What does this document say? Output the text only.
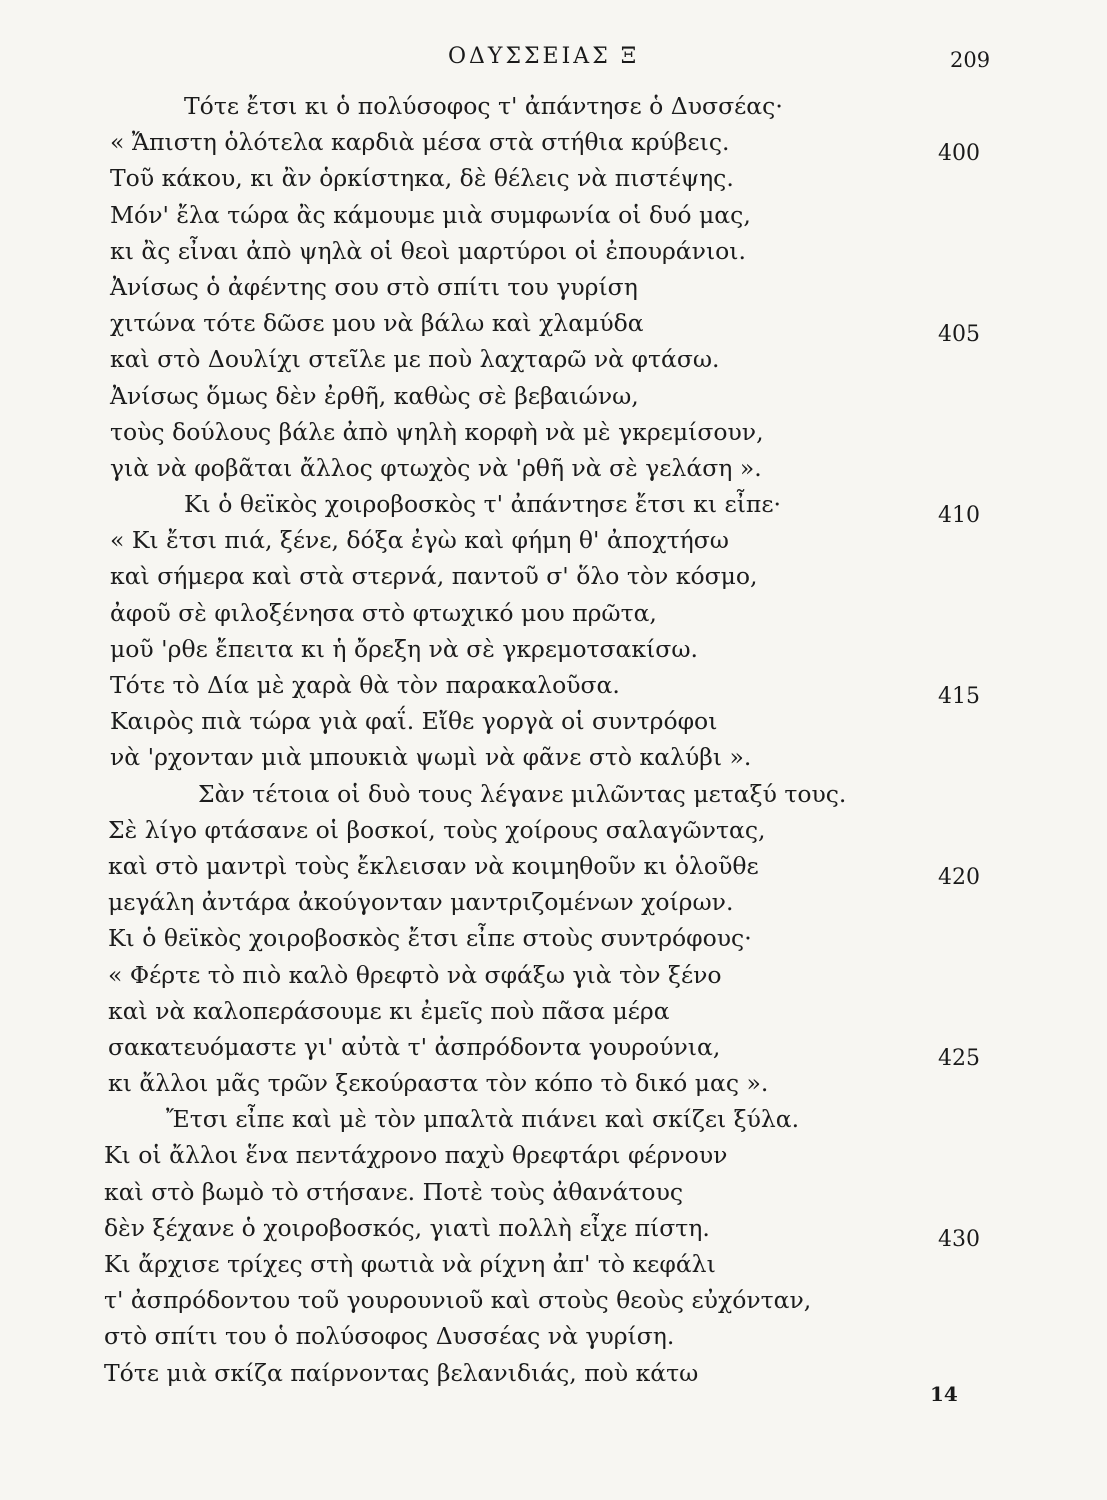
ΟΔΥΣΣΕΙΑΣ Ξ	209
Τότε ἔτσι κι ὁ πολύσοφος τ' ἀπάντησε ὁ Δυσσέας·
« Ἄπιστη ὁλότελα καρδιὰ μέσα στὰ στήθια κρύβεις.	400
Τοῦ κάκου, κι ἂν ὁρκίστηκα, δὲ θέλεις νὰ πιστέψης.
Μόν' ἔλα τώρα ἂς κάμουμε μιὰ συμφωνία οἱ δυό μας,
κι ἂς εἶναι ἀπὸ ψηλὰ οἱ θεοὶ μαρτύροι οἱ ἐπουράνιοι.
Ἀνίσως ὁ ἀφέντης σου στὸ σπίτι του γυρίση
χιτώνα τότε δῶσε μου νὰ βάλω καὶ χλαμύδα	405
καὶ στὸ Δουλίχι στεῖλε με ποὺ λαχταρῶ νὰ φτάσω.
Ἀνίσως ὅμως δὲν ἐρθῆ, καθὼς σὲ βεβαιώνω,
τοὺς δούλους βάλε ἀπὸ ψηλὴ κορφὴ νὰ μὲ γκρεμίσουν,
γιὰ νὰ φοβᾶται ἄλλος φτωχὸς νὰ 'ρθῆ νὰ σὲ γελάση ».
Κι ὁ θεϊκὸς χοιροβοσκὸς τ' ἀπάντησε ἔτσι κι εἶπε·	410
« Κι ἔτσι πιά, ξένε, δόξα ἐγὼ καὶ φήμη θ' ἀποχτήσω
καὶ σήμερα καὶ στὰ στερνά, παντοῦ σ' ὅλο τὸν κόσμο,
ἀφοῦ σὲ φιλοξένησα στὸ φτωχικό μου πρῶτα,
μοῦ 'ρθε ἔπειτα κι ἡ ὄρεξη νὰ σὲ γκρεμοτσακίσω.
Τότε τὸ Δία μὲ χαρὰ θὰ τὸν παρακαλοῦσα.	415
Καιρὸς πιὰ τώρα γιὰ φαΐ. Εἴθε γοργὰ οἱ συντρόφοι
νὰ 'ρχονταν μιὰ μπουκιὰ ψωμὶ νὰ φᾶνε στὸ καλύβι ».
Σὰν τέτοια οἱ δυὸ τους λέγανε μιλῶντας μεταξύ τους.
Σὲ λίγο φτάσανε οἱ βοσκοί, τοὺς χοίρους σαλαγῶντας,
καὶ στὸ μαντρὶ τοὺς ἔκλεισαν νὰ κοιμηθοῦν κι ὁλοῦθε	420
μεγάλη ἀντάρα ἀκούγονταν μαντριζομένων χοίρων.
Κι ὁ θεϊκὸς χοιροβοσκὸς ἔτσι εἶπε στοὺς συντρόφους·
« Φέρτε τὸ πιὸ καλὸ θρεφτὸ νὰ σφάξω γιὰ τὸν ξένο
καὶ νὰ καλοπεράσουμε κι ἐμεῖς ποὺ πᾶσα μέρα
σακατευόμαστε γι' αὐτὰ τ' ἀσπρόδοντα γουρούνια,	425
κι ἄλλοι μᾶς τρῶν ξεκούραστα τὸν κόπο τὸ δικό μας ».
Ἔτσι εἶπε καὶ μὲ τὸν μπαλτὰ πιάνει καὶ σκίζει ξύλα.
Κι οἱ ἄλλοι ἕνα πεντάχρονο παχὺ θρεφτάρι φέρνουν
καὶ στὸ βωμὸ τὸ στήσανε. Ποτὲ τοὺς ἀθανάτους
δὲν ξέχανε ὁ χοιροβοσκός, γιατὶ πολλὴ εἶχε πίστη.	430
Κι ἄρχισε τρίχες στὴ φωτιὰ νὰ ρίχνη ἀπ' τὸ κεφάλι
τ' ἀσπρόδοντου τοῦ γουρουνιοῦ καὶ στοὺς θεοὺς εὐχόνταν,
στὸ σπίτι του ὁ πολύσοφος Δυσσέας νὰ γυρίση.
Τότε μιὰ σκίζα παίρνοντας βελανιδιάς, ποὺ κάτω
14
